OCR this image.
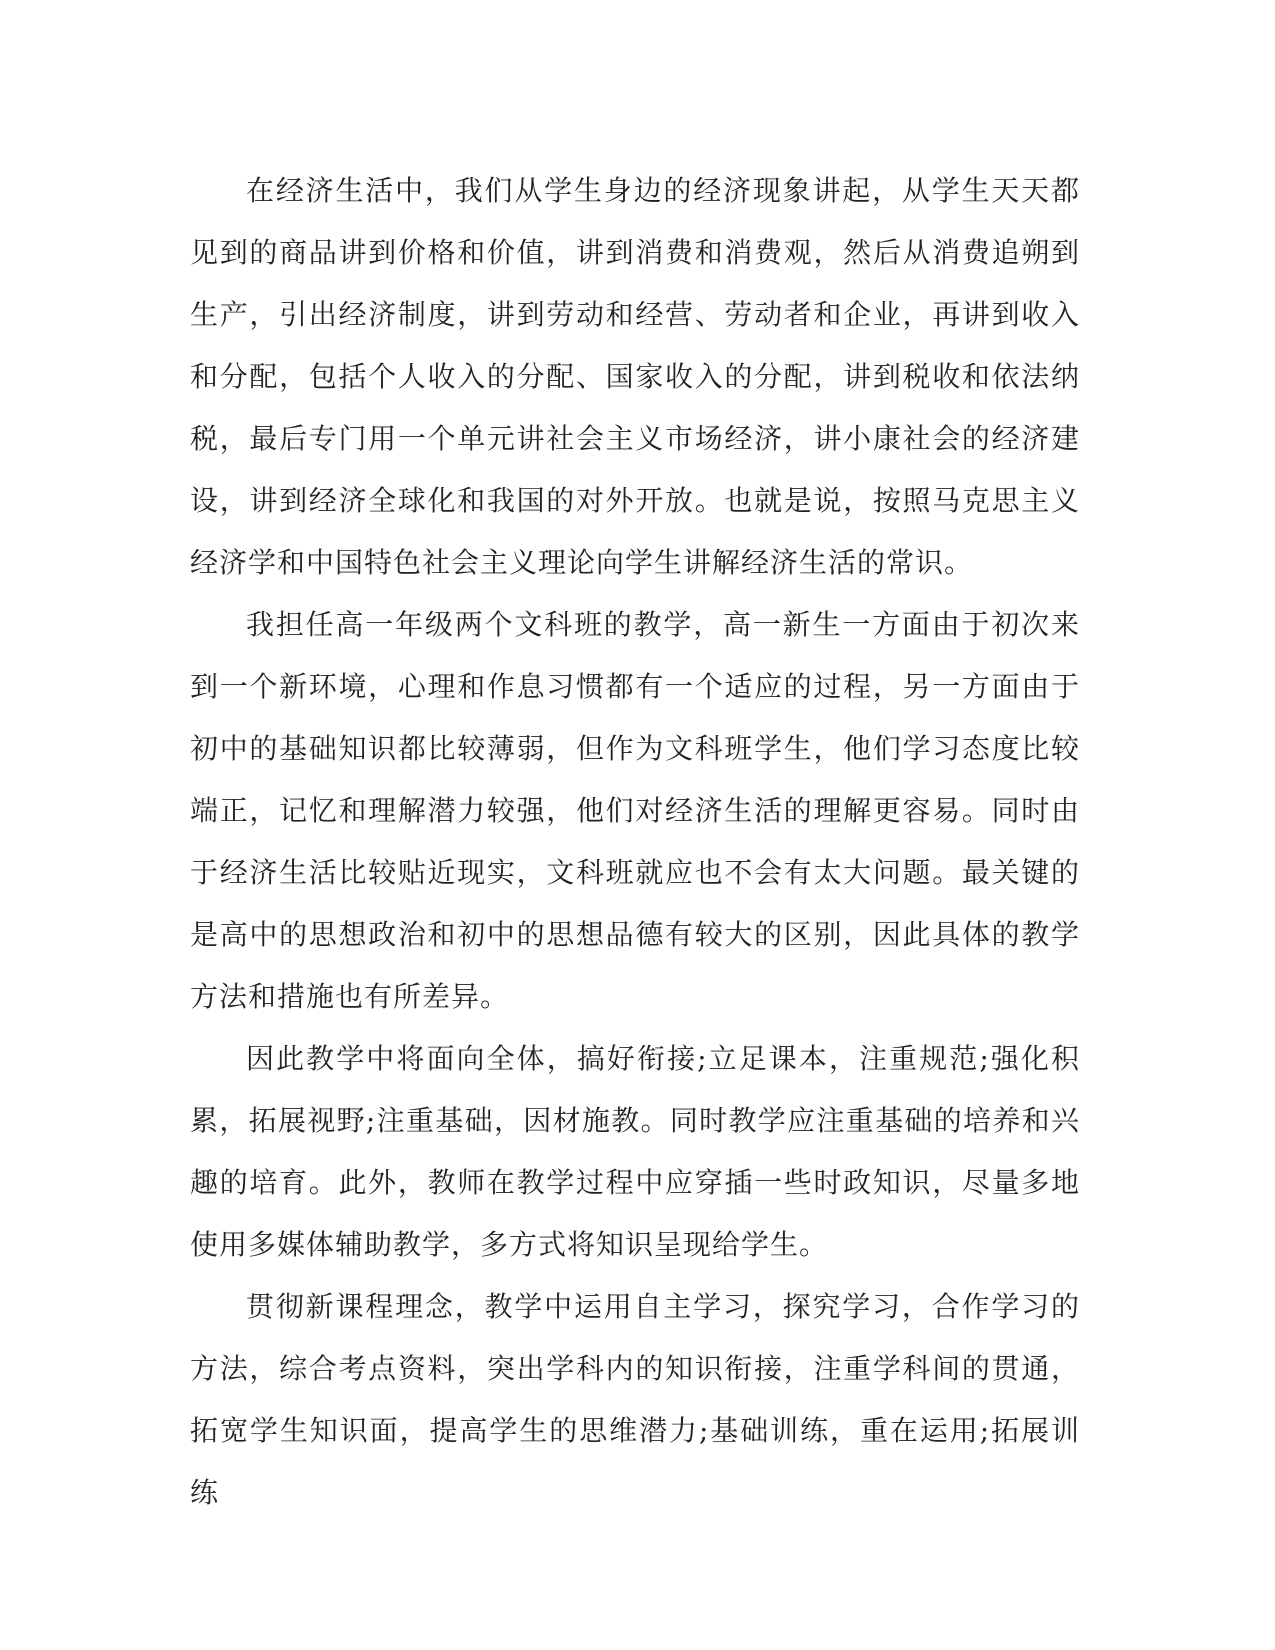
在经济生活中，我们从学生身边的经济现象讲起，从学生天天都见到的商品讲到价格和价值，讲到消费和消费观，然后从消费追朔到生产，引出经济制度，讲到劳动和经营、劳动者和企业，再讲到收入和分配，包括个人收入的分配、国家收入的分配，讲到税收和依法纳税，最后专门用一个单元讲社会主义市场经济，讲小康社会的经济建设，讲到经济全球化和我国的对外开放。也就是说，按照马克思主义经济学和中国特色社会主义理论向学生讲解经济生活的常识。

我担任高一年级两个文科班的教学，高一新生一方面由于初次来到一个新环境，心理和作息习惯都有一个适应的过程，另一方面由于初中的基础知识都比较薄弱，但作为文科班学生，他们学习态度比较端正，记忆和理解潜力较强，他们对经济生活的理解更容易。同时由于经济生活比较贴近现实，文科班就应也不会有太大问题。最关键的是高中的思想政治和初中的思想品德有较大的区别，因此具体的教学方法和措施也有所差异。

因此教学中将面向全体，搞好衔接;立足课本，注重规范;强化积累，拓展视野;注重基础，因材施教。同时教学应注重基础的培养和兴趣的培育。此外，教师在教学过程中应穿插一些时政知识，尽量多地使用多媒体辅助教学，多方式将知识呈现给学生。

贯彻新课程理念，教学中运用自主学习，探究学习，合作学习的方法，综合考点资料，突出学科内的知识衔接，注重学科间的贯通，拓宽学生知识面，提高学生的思维潜力;基础训练，重在运用;拓展训练
